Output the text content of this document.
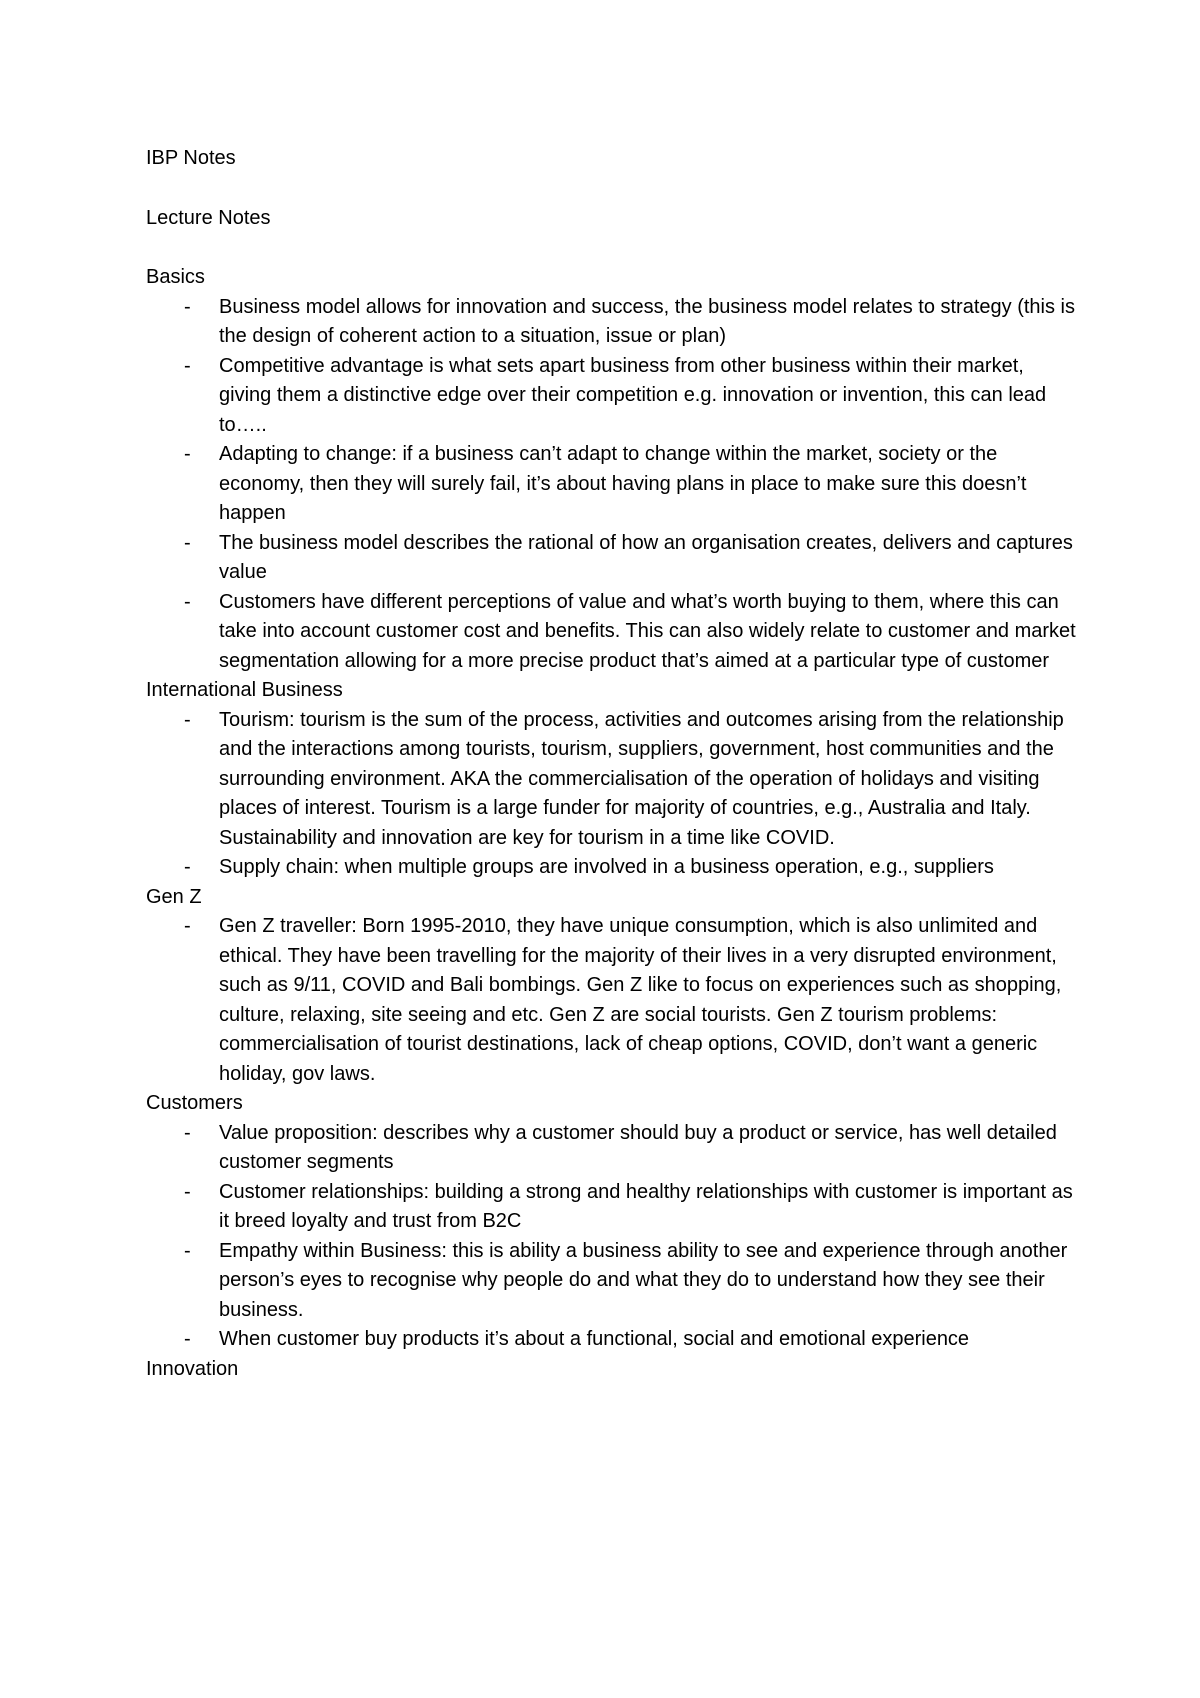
IBP Notes

Lecture Notes

Basics

- Business model allows for innovation and success, the business model relates to strategy (this is the design of coherent action to a situation, issue or plan)
- Competitive advantage is what sets apart business from other business within their market, giving them a distinctive edge over their competition e.g. innovation or invention, this can lead to…..
- Adapting to change: if a business can’t adapt to change within the market, society or the economy, then they will surely fail, it’s about having plans in place to make sure this doesn’t happen
- The business model describes the rational of how an organisation creates, delivers and captures value
- Customers have different perceptions of value and what’s worth buying to them, where this can take into account customer cost and benefits. This can also widely relate to customer and market segmentation allowing for a more precise product that’s aimed at a particular type of customer

International Business

- Tourism: tourism is the sum of the process, activities and outcomes arising from the relationship and the interactions among tourists, tourism, suppliers, government, host communities and the surrounding environment. AKA the commercialisation of the operation of holidays and visiting places of interest. Tourism is a large funder for majority of countries, e.g., Australia and Italy. Sustainability and innovation are key for tourism in a time like COVID.
- Supply chain: when multiple groups are involved in a business operation, e.g., suppliers

Gen Z

- Gen Z traveller: Born 1995-2010, they have unique consumption, which is also unlimited and ethical. They have been travelling for the majority of their lives in a very disrupted environment, such as 9/11, COVID and Bali bombings. Gen Z like to focus on experiences such as shopping, culture, relaxing, site seeing and etc. Gen Z are social tourists. Gen Z tourism problems: commercialisation of tourist destinations, lack of cheap options, COVID, don’t want a generic holiday, gov laws.

Customers

- Value proposition: describes why a customer should buy a product or service, has well detailed customer segments
- Customer relationships: building a strong and healthy relationships with customer is important as it breed loyalty and trust from B2C
- Empathy within Business: this is ability a business ability to see and experience through another person’s eyes to recognise why people do and what they do to understand how they see their business.
- When customer buy products it’s about a functional, social and emotional experience

Innovation
